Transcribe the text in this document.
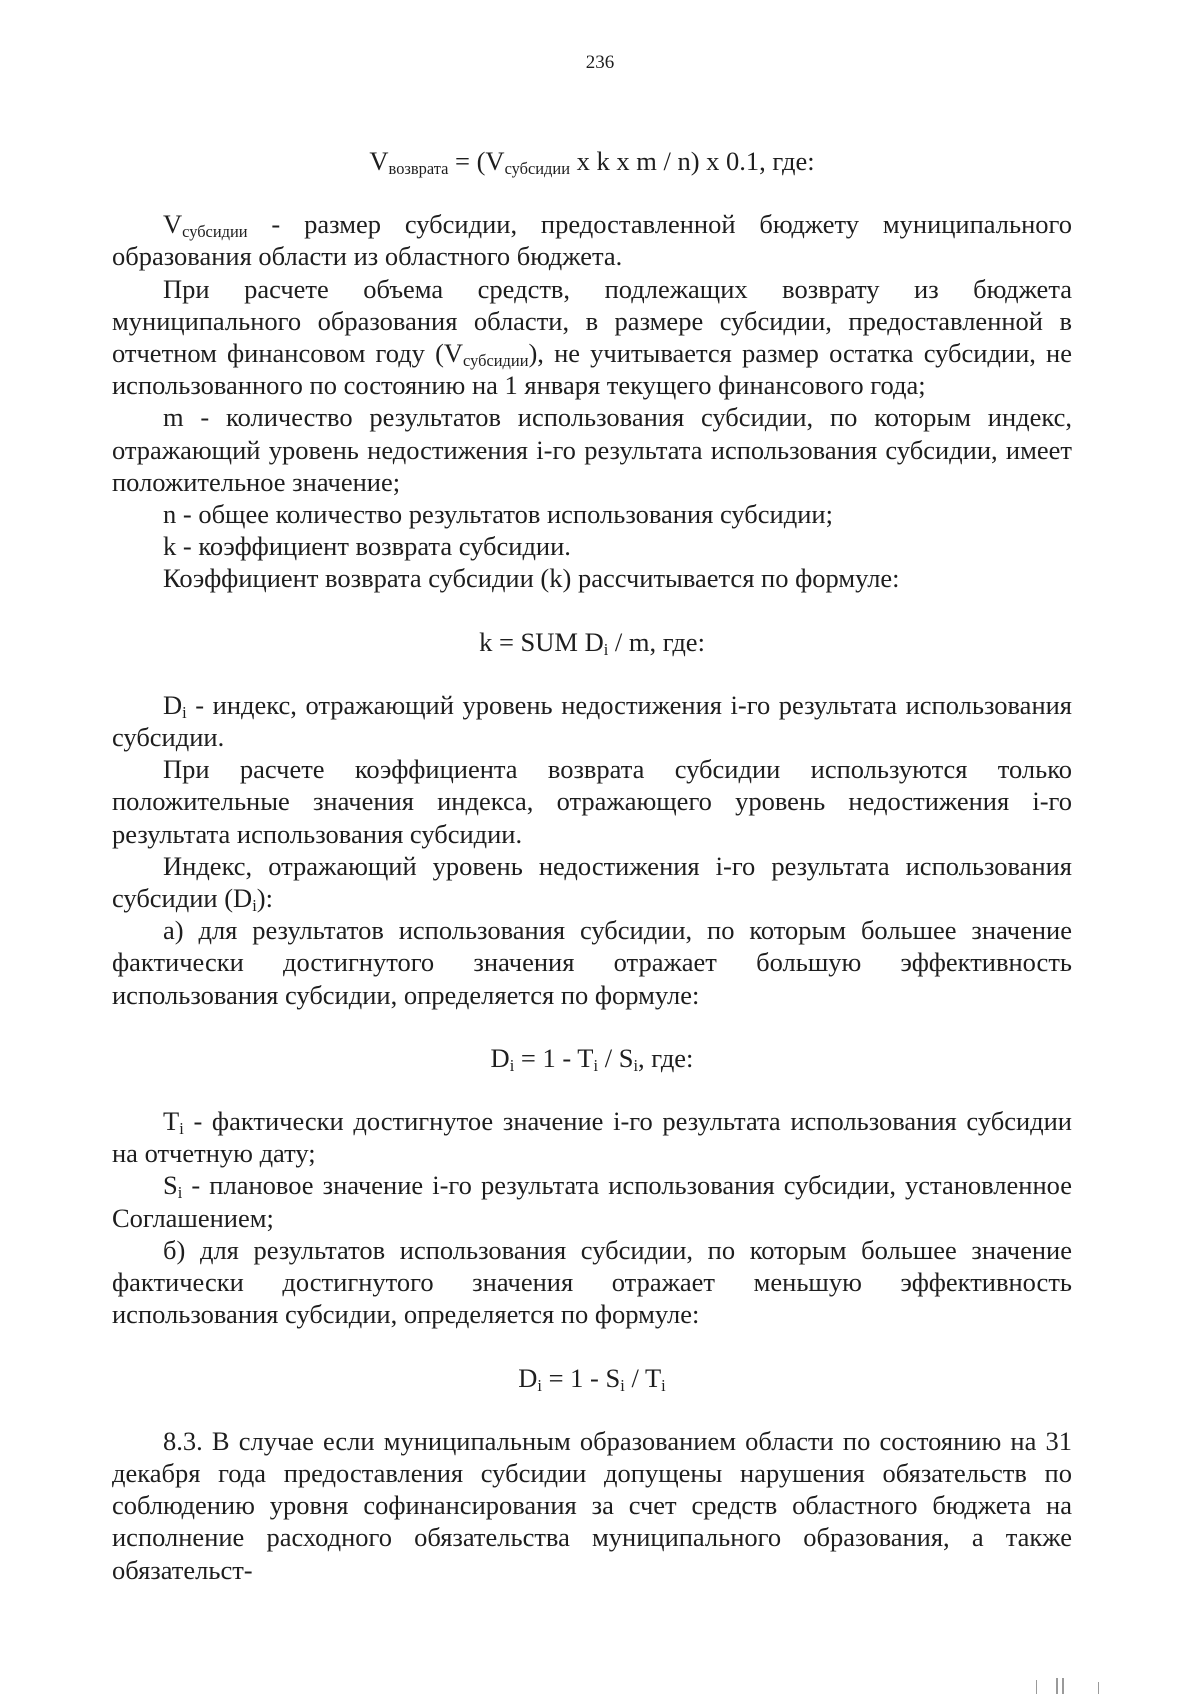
236

$V_{возврата} = (V_{субсидии}$ x k x m / n) x 0.1, где:

$V_{субсидии}$ - размер субсидии, предоставленной бюджету муниципального образования области из областного бюджета.

При расчете объема средств, подлежащих возврату из бюджета муниципального образования области, в размере субсидии, предоставленной в отчетном финансовом году $(V_{субсидии})$, не учитывается размер остатка субсидии, не использованного по состоянию на 1 января текущего финансового года;

m - количество результатов использования субсидии, по которым индекс, отражающий уровень недостижения i-го результата использования субсидии, имеет положительное значение;

n - общее количество результатов использования субсидии;

k - коэффициент возврата субсидии.

Коэффициент возврата субсидии (k) рассчитывается по формуле:

k = SUM $D_i$ / m, где:

$D_i$ - индекс, отражающий уровень недостижения i-го результата использования субсидии.

При расчете коэффициента возврата субсидии используются только положительные значения индекса, отражающего уровень недостижения i-го результата использования субсидии.

Индекс, отражающий уровень недостижения i-го результата использования субсидии $(D_i)$:

а) для результатов использования субсидии, по которым большее значение фактически достигнутого значения отражает большую эффективность использования субсидии, определяется по формуле:

$D_i = 1 - T_i / S_i$, где:

$T_i$ - фактически достигнутое значение i-го результата использования субсидии на отчетную дату;

$S_i$ - плановое значение i-го результата использования субсидии, установленное Соглашением;

б) для результатов использования субсидии, по которым большее значение фактически достигнутого значения отражает меньшую эффективность использования субсидии, определяется по формуле:

$D_i = 1 - S_i / T_i$

8.3. В случае если муниципальным образованием области по состоянию на 31 декабря года предоставления субсидии допущены нарушения обязательств по соблюдению уровня софинансирования за счет средств областного бюджета на исполнение расходного обязательства муниципального образования, а также обязательст-
